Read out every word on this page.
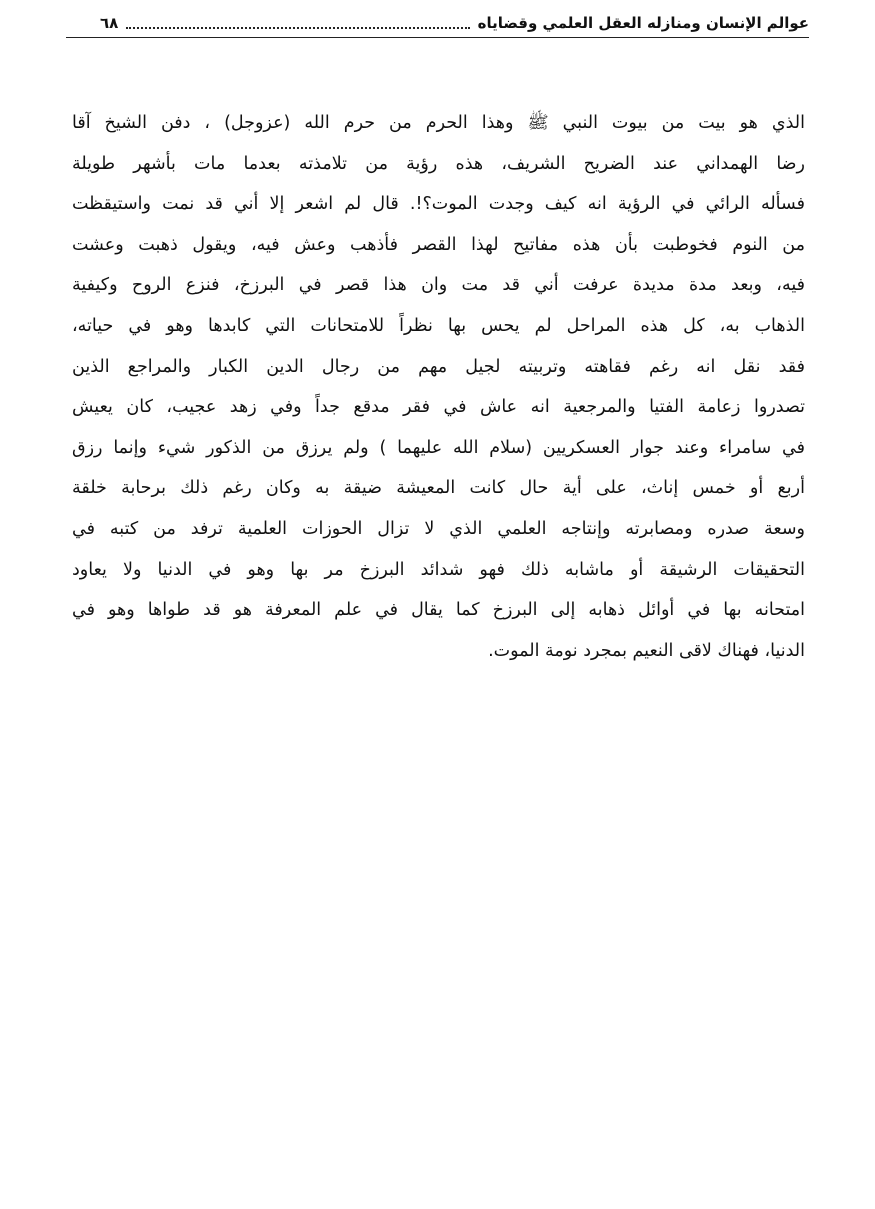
عوالم الإنسان ومنازله العقل العلمي وقضاياه
٦٨
الذي هو بيت من بيوت النبي ﷺ وهذا الحرم من حرم الله (عزوجل) ، دفن الشيخ آقا
رضا الهمداني عند الضريح الشريف، هذه رؤية من تلامذته بعدما مات بأشهر طويلة
فسأله الرائي في الرؤية انه كيف وجدت الموت؟!. قال لم اشعر إلا أني قد نمت واستيقظت
من النوم فخوطبت بأن هذه مفاتيح لهذا القصر فأذهب وعش فيه، ويقول ذهبت وعشت
فيه، وبعد مدة مديدة عرفت أني قد مت وان هذا قصر في البرزخ، فنزع الروح وكيفية
الذهاب به، كل هذه المراحل لم يحس بها نظراً للامتحانات التي كابدها وهو في حياته،
فقد نقل انه رغم فقاهته وتربيته لجيل مهم من رجال الدين الكبار والمراجع الذين
تصدروا زعامة الفتيا والمرجعية انه عاش في فقر مدقع جداً وفي زهد عجيب، كان يعيش
في سامراء وعند جوار العسكريين (سلام الله عليهما ) ولم يرزق من الذكور شيء وإنما رزق
أربع أو خمس إناث، على أية حال كانت المعيشة ضيقة به وكان رغم ذلك برحابة خلقة
وسعة صدره ومصابرته وإنتاجه العلمي الذي لا تزال الحوزات العلمية ترفد من كتبه في
التحقيقات الرشيقة أو ماشابه ذلك فهو شدائد البرزخ مر بها وهو في الدنيا ولا يعاود
امتحانه بها في أوائل ذهابه إلى البرزخ كما يقال في علم المعرفة هو قد طواها وهو في
الدنيا، فهناك لاقى النعيم بمجرد نومة الموت.
